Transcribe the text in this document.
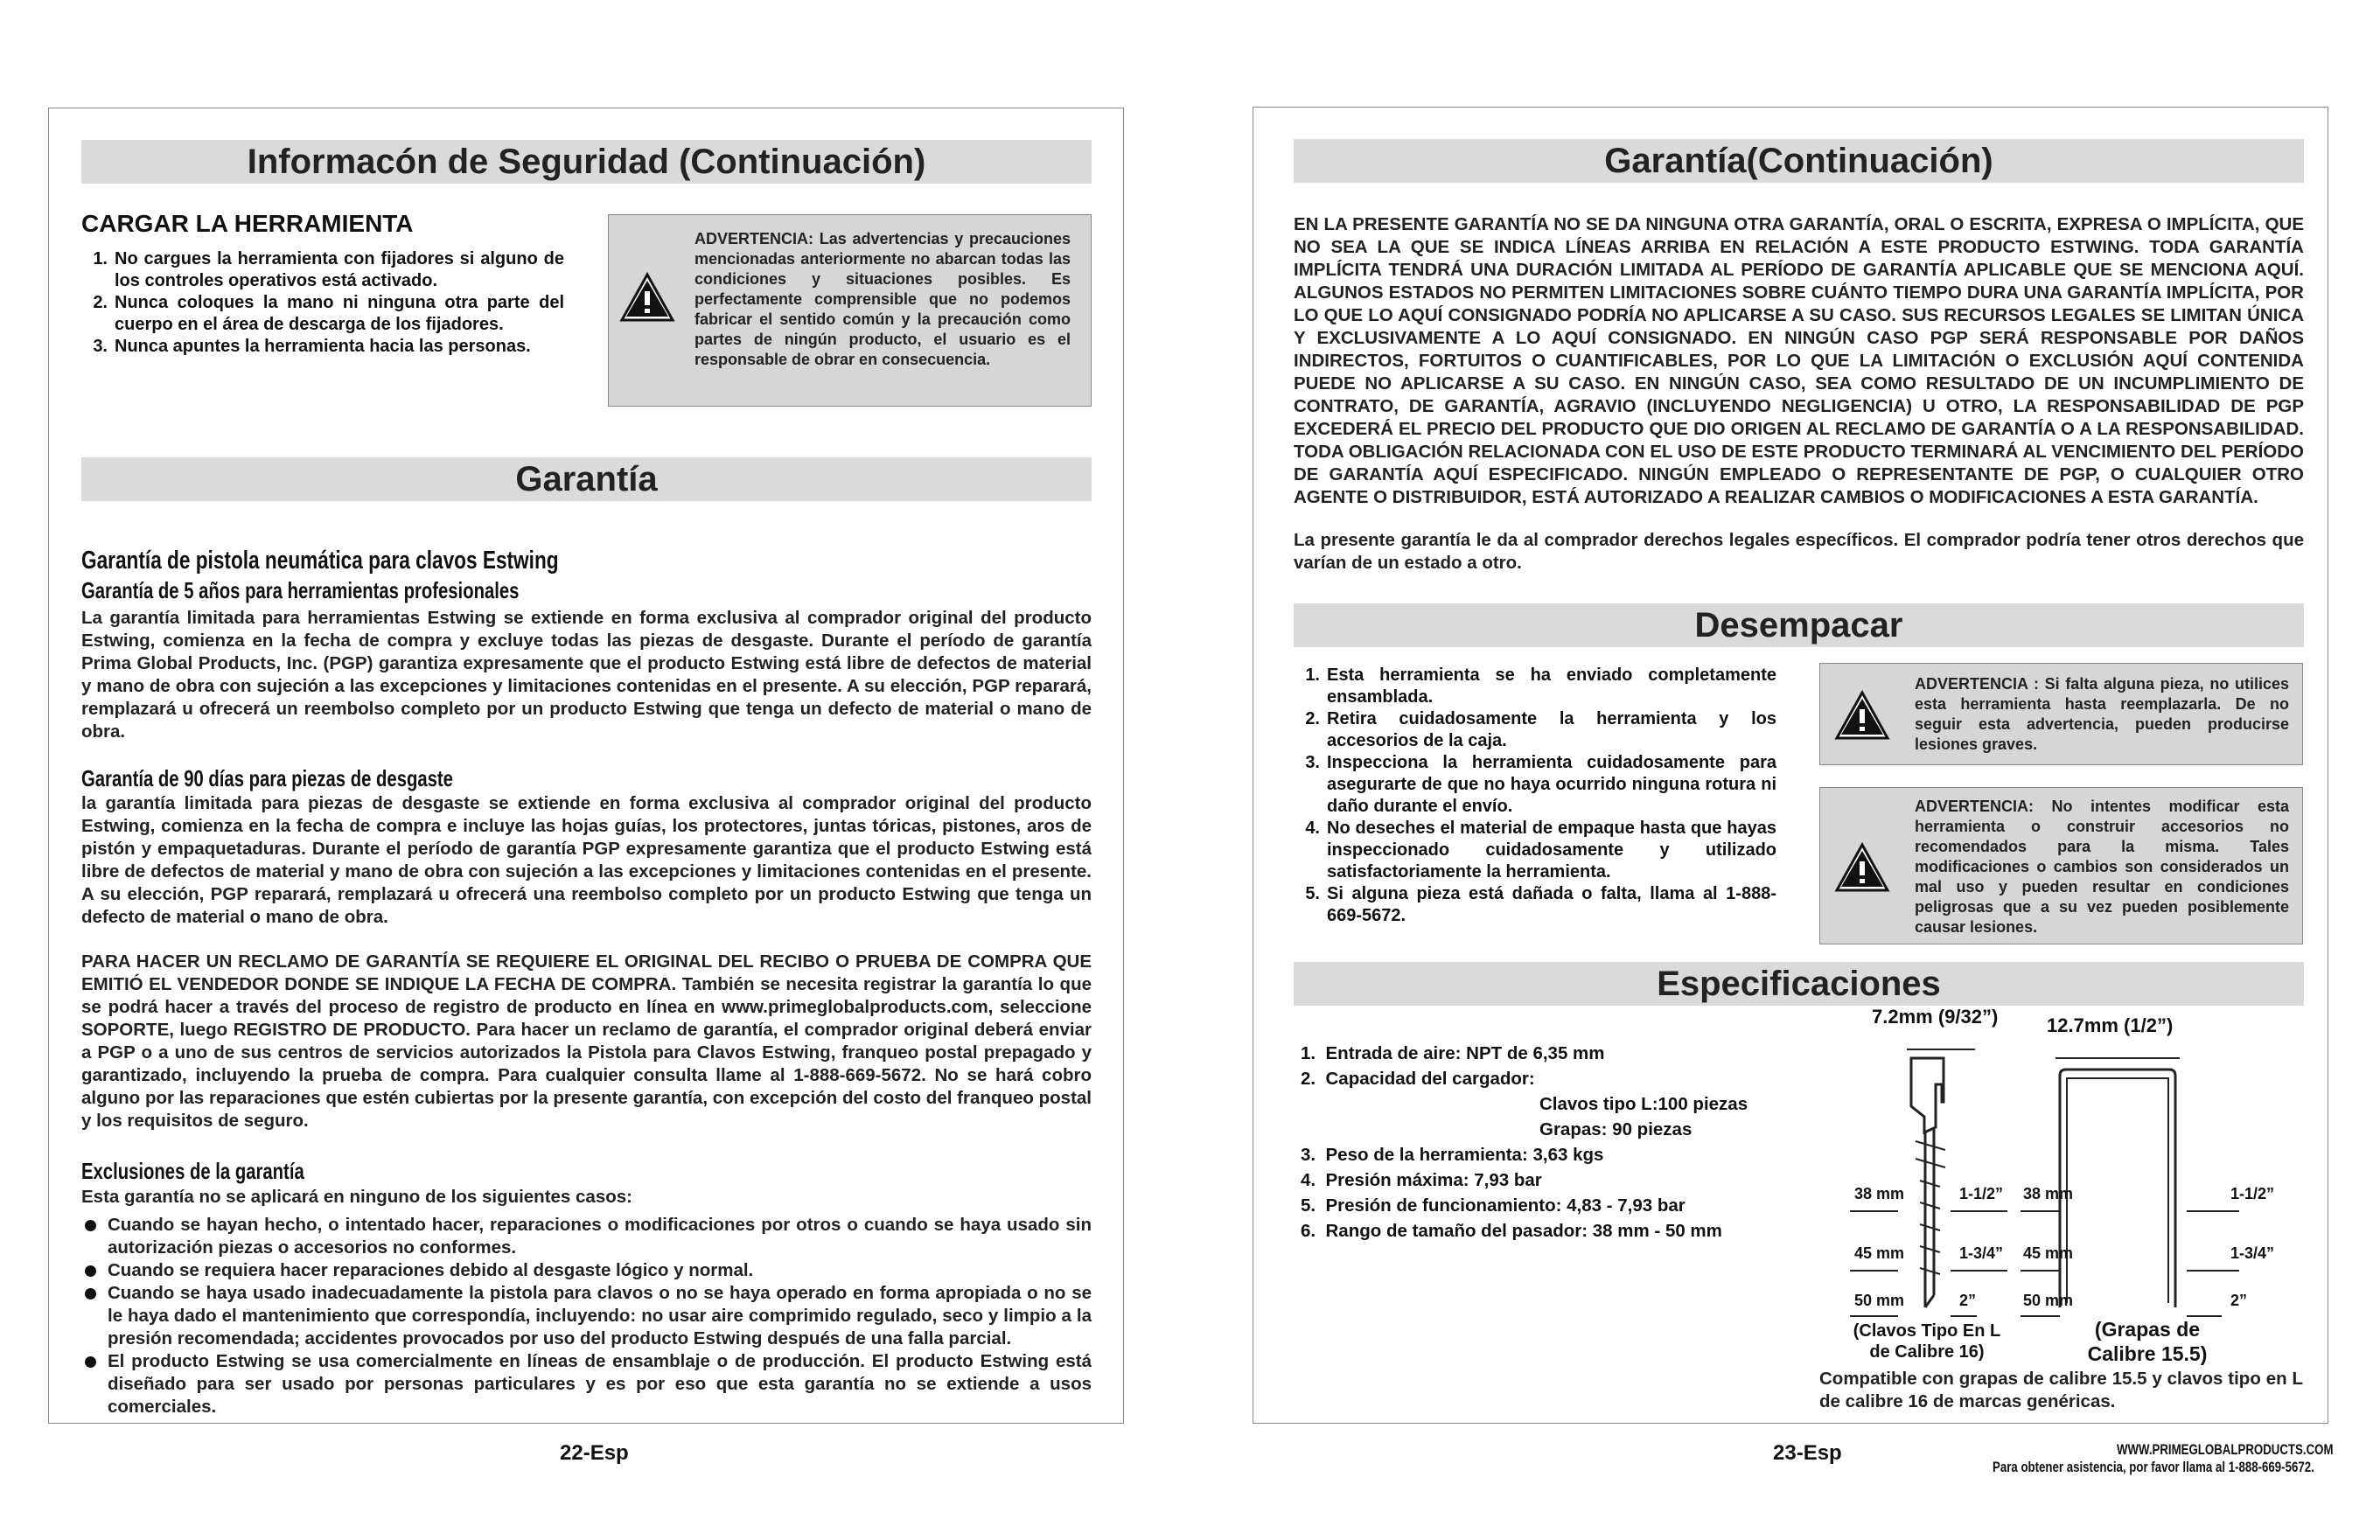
Informacón de Seguridad (Continuación)
CARGAR LA HERRAMIENTA
1. No cargues la herramienta con fijadores si alguno de los controles operativos está activado.
2. Nunca coloques la mano ni ninguna otra parte del cuerpo en el área de descarga de los fijadores.
3. Nunca apuntes la herramienta hacia las personas.
ADVERTENCIA: Las advertencias y precauciones mencionadas anteriormente no abarcan todas las condiciones y situaciones posibles. Es perfectamente comprensible que no podemos fabricar el sentido común y la precaución como partes de ningún producto, el usuario es el responsable de obrar en consecuencia.
Garantía
Garantía de pistola neumática para clavos Estwing
Garantía de 5 años para herramientas profesionales
La garantía limitada para herramientas Estwing se extiende en forma exclusiva al comprador original del producto Estwing, comienza en la fecha de compra y excluye todas las piezas de desgaste. Durante el período de garantía Prima Global Products, Inc. (PGP) garantiza expresamente que el producto Estwing está libre de defectos de material y mano de obra con sujeción a las excepciones y limitaciones contenidas en el presente. A su elección, PGP reparará, remplazará u ofrecerá un reembolso completo por un producto Estwing que tenga un defecto de material o mano de obra.
Garantía de 90 días para piezas de desgaste
la garantía limitada para piezas de desgaste se extiende en forma exclusiva al comprador original del producto Estwing, comienza en la fecha de compra e incluye las hojas guías, los protectores, juntas tóricas, pistones, aros de pistón y empaquetaduras. Durante el período de garantía PGP expresamente garantiza que el producto Estwing está libre de defectos de material y mano de obra con sujeción a las excepciones y limitaciones contenidas en el presente. A su elección, PGP reparará, remplazará u ofrecerá una reembolso completo por un producto Estwing que tenga un defecto de material o mano de obra.
PARA HACER UN RECLAMO DE GARANTÍA SE REQUIERE EL ORIGINAL DEL RECIBO O PRUEBA DE COMPRA QUE EMITIÓ EL VENDEDOR DONDE SE INDIQUE LA FECHA DE COMPRA. También se necesita registrar la garantía lo que se podrá hacer a través del proceso de registro de producto en línea en www.primeglobalproducts.com, seleccione SOPORTE, luego REGISTRO DE PRODUCTO. Para hacer un reclamo de garantía, el comprador original deberá enviar a PGP o a uno de sus centros de servicios autorizados la Pistola para Clavos Estwing, franqueo postal prepagado y garantizado, incluyendo la prueba de compra. Para cualquier consulta llame al 1-888-669-5672. No se hará cobro alguno por las reparaciones que estén cubiertas por la presente garantía, con excepción del costo del franqueo postal y los requisitos de seguro.
Exclusiones de la garantía
Esta garantía no se aplicará en ninguno de los siguientes casos:
Cuando se hayan hecho, o intentado hacer, reparaciones o modificaciones por otros o cuando se haya usado sin autorización piezas o accesorios no conformes.
Cuando se requiera hacer reparaciones debido al desgaste lógico y normal.
Cuando se haya usado inadecuadamente la pistola para clavos o no se haya operado en forma apropiada o no se le haya dado el mantenimiento que correspondía, incluyendo: no usar aire comprimido regulado, seco y limpio a la presión recomendada; accidentes provocados por uso del producto Estwing después de una falla parcial.
El producto Estwing se usa comercialmente en líneas de ensamblaje o de producción. El producto Estwing está diseñado para ser usado por personas particulares y es por eso que esta garantía no se extiende a usos comerciales.
22-Esp
Garantía(Continuación)
EN LA PRESENTE GARANTÍA NO SE DA NINGUNA OTRA GARANTÍA, ORAL O ESCRITA, EXPRESA O IMPLÍCITA, QUE NO SEA LA QUE SE INDICA LÍNEAS ARRIBA EN RELACIÓN A ESTE PRODUCTO ESTWING. TODA GARANTÍA IMPLÍCITA TENDRÁ UNA DURACIÓN LIMITADA AL PERÍODO DE GARANTÍA APLICABLE QUE SE MENCIONA AQUÍ. ALGUNOS ESTADOS NO PERMITEN LIMITACIONES SOBRE CUÁNTO TIEMPO DURA UNA GARANTÍA IMPLÍCITA, POR LO QUE LO AQUÍ CONSIGNADO PODRÍA NO APLICARSE A SU CASO. SUS RECURSOS LEGALES SE LIMITAN ÚNICA Y EXCLUSIVAMENTE A LO AQUÍ CONSIGNADO. EN NINGÚN CASO PGP SERÁ RESPONSABLE POR DAÑOS INDIRECTOS, FORTUITOS O CUANTIFICABLES, POR LO QUE LA LIMITACIÓN O EXCLUSIÓN AQUÍ CONTENIDA PUEDE NO APLICARSE A SU CASO. EN NINGÚN CASO, SEA COMO RESULTADO DE UN INCUMPLIMIENTO DE CONTRATO, DE GARANTÍA, AGRAVIO (INCLUYENDO NEGLIGENCIA) U OTRO, LA RESPONSABILIDAD DE PGP EXCEDERÁ EL PRECIO DEL PRODUCTO QUE DIO ORIGEN AL RECLAMO DE GARANTÍA O A LA RESPONSABILIDAD. TODA OBLIGACIÓN RELACIONADA CON EL USO DE ESTE PRODUCTO TERMINARÁ AL VENCIMIENTO DEL PERÍODO DE GARANTÍA AQUÍ ESPECIFICADO. NINGÚN EMPLEADO O REPRESENTANTE DE PGP, O CUALQUIER OTRO AGENTE O DISTRIBUIDOR, ESTÁ AUTORIZADO A REALIZAR CAMBIOS O MODIFICACIONES A ESTA GARANTÍA.
La presente garantía le da al comprador derechos legales específicos. El comprador podría tener otros derechos que varían de un estado a otro.
Desempacar
1. Esta herramienta se ha enviado completamente ensamblada.
2. Retira cuidadosamente la herramienta y los accesorios de la caja.
3. Inspecciona la herramienta cuidadosamente para asegurarte de que no haya ocurrido ninguna rotura ni daño durante el envío.
4. No deseches el material de empaque hasta que hayas inspeccionado cuidadosamente y utilizado satisfactoriamente la herramienta.
5. Si alguna pieza está dañada o falta, llama al 1-888-669-5672.
ADVERTENCIA : Si falta alguna pieza, no utilices esta herramienta hasta reemplazarla. De no seguir esta advertencia, pueden producirse lesiones graves.
ADVERTENCIA: No intentes modificar esta herramienta o construir accesorios no recomendados para la misma. Tales modificaciones o cambios son considerados un mal uso y pueden resultar en condiciones peligrosas que a su vez pueden posiblemente causar lesiones.
Especificaciones
1.  Entrada de aire: NPT de 6,35 mm
2.  Capacidad del cargador:
Clavos tipo L:100 piezas
Grapas: 90 piezas
3.  Peso de la herramienta: 3,63 kgs
4.  Presión máxima: 7,93 bar
5.  Presión de funcionamiento: 4,83 - 7,93 bar
6.  Rango de tamaño del pasador: 38 mm - 50 mm
7.2mm (9/32”)	12.7mm (1/2”)
38 mm	1-1/2” 38 mm	1-1/2”
45 mm	1-3/4” 45 mm	1-3/4”
50 mm	2”	50 mm	2”
(Clavos Tipo En L
de Calibre 16)
(Grapas de
Calibre 15.5)
Compatible con grapas de calibre 15.5 y clavos tipo en L de calibre 16 de marcas genéricas.
23-Esp	WWW.PRIMEGLOBALPRODUCTS.COM
Para obtener asistencia, por favor llama al 1-888-669-5672.
